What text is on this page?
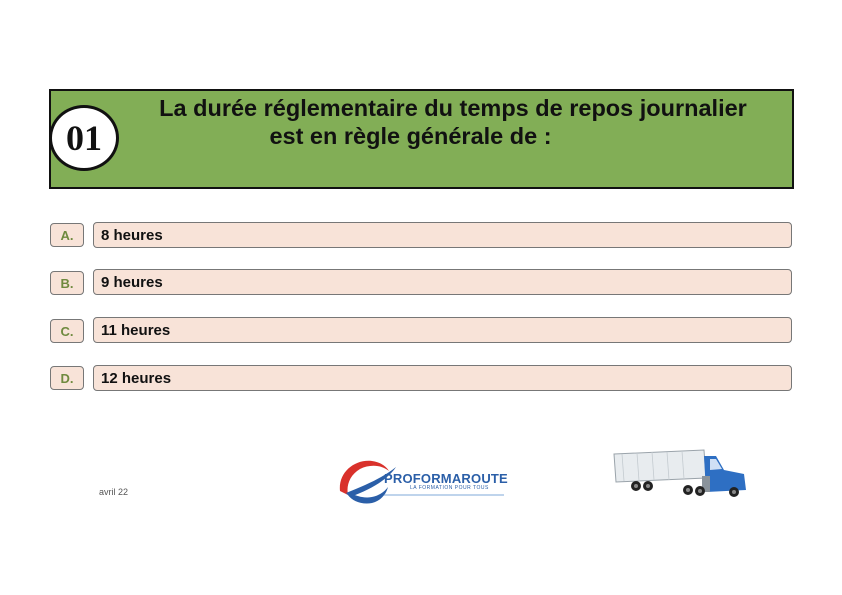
01
La durée réglementaire du temps de repos journalier
est en règle générale de :
A.	8 heures
B.	9 heures
C.	11 heures
D.	12 heures
avril 22
PROFORMAROUTE
LA FORMATION POUR TOUS
